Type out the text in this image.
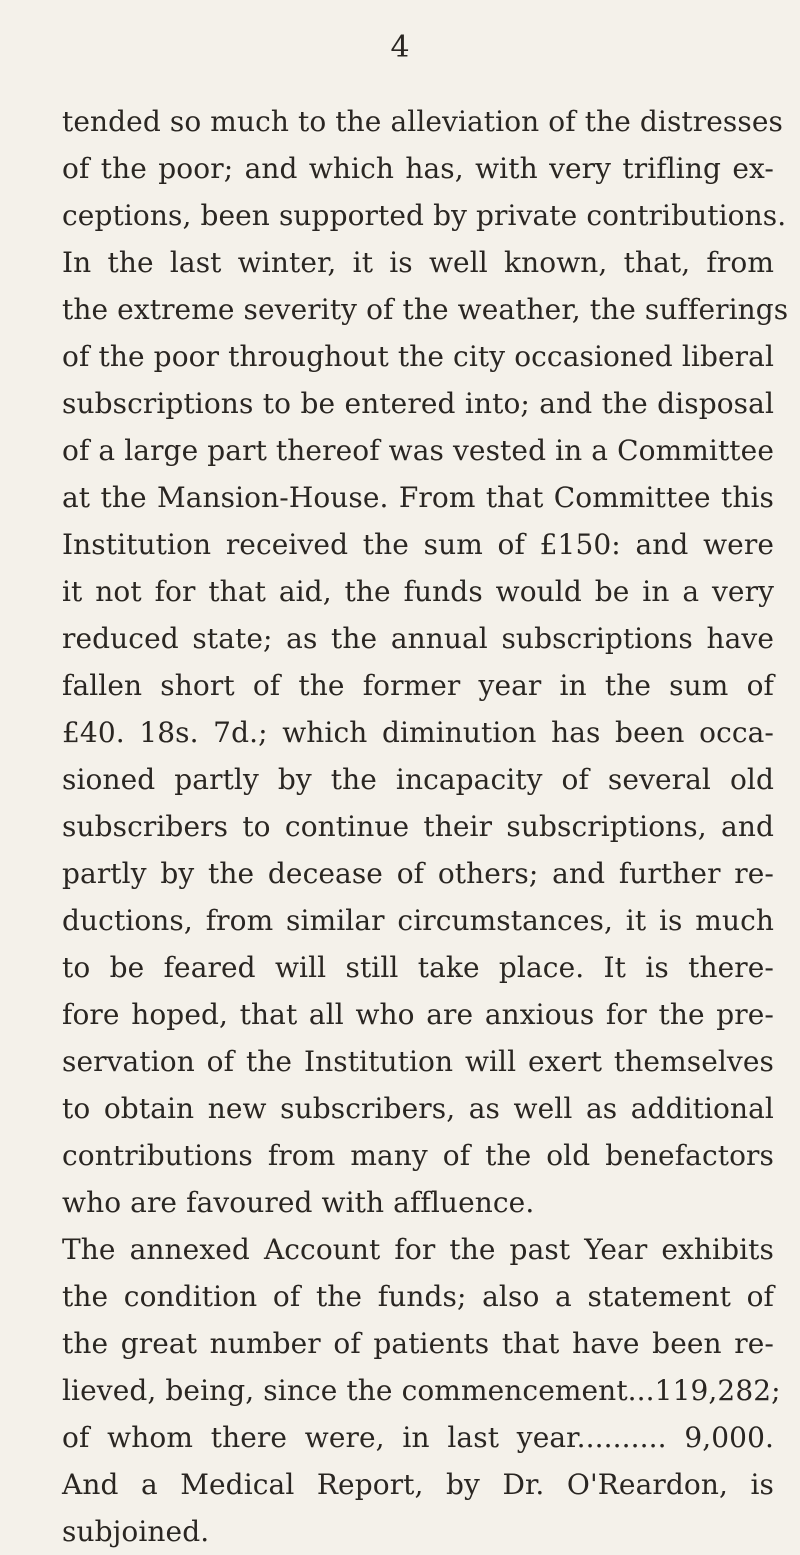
4
tended so much to the alleviation of the distresses
of the poor; and which has, with very trifling ex-
ceptions, been supported by private contributions.
In the last winter, it is well known, that, from
the extreme severity of the weather, the sufferings
of the poor throughout the city occasioned liberal
subscriptions to be entered into; and the disposal
of a large part thereof was vested in a Committee
at the Mansion-House. From that Committee this
Institution received the sum of £150: and were
it not for that aid, the funds would be in a very
reduced state; as the annual subscriptions have
fallen short of the former year in the sum of
£40. 18s. 7d.; which diminution has been occa-
sioned partly by the incapacity of several old
subscribers to continue their subscriptions, and
partly by the decease of others; and further re-
ductions, from similar circumstances, it is much
to be feared will still take place. It is there-
fore hoped, that all who are anxious for the pre-
servation of the Institution will exert themselves
to obtain new subscribers, as well as additional
contributions from many of the old benefactors
who are favoured with affluence.
The annexed Account for the past Year exhibits
the condition of the funds; also a statement of
the great number of patients that have been re-
lieved, being, since the commencement...119,282;
of whom there were, in last year.......... 9,000.
And a Medical Report, by Dr. O'Reardon, is
subjoined.
